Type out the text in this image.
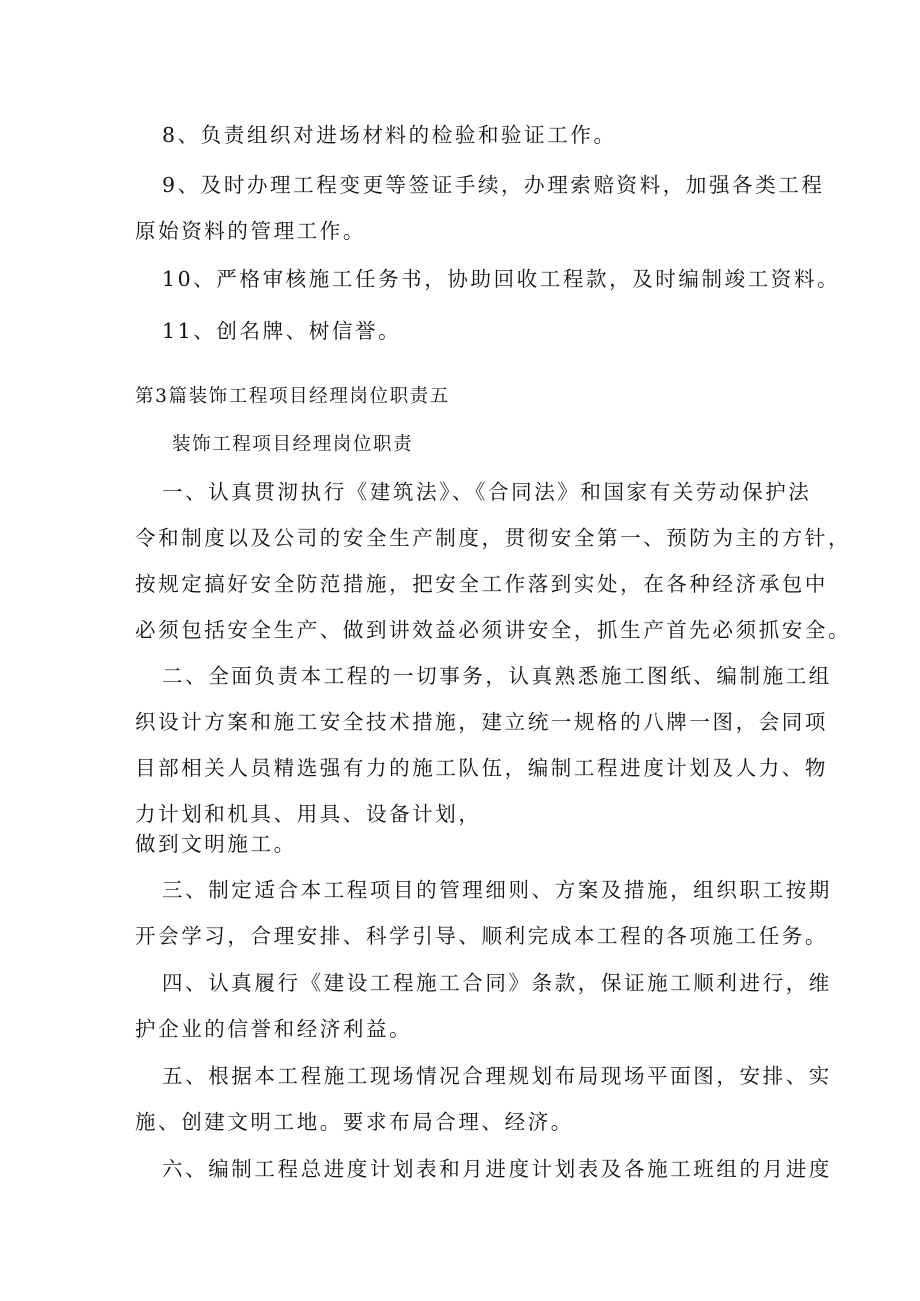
8、负责组织对进场材料的检验和验证工作。
9、及时办理工程变更等签证手续，办理索赔资料，加强各类工程
原始资料的管理工作。
10、严格审核施工任务书，协助回收工程款，及时编制竣工资料。
11、创名牌、树信誉。
第3篇装饰工程项目经理岗位职责五
装饰工程项目经理岗位职责
一、认真贯沏执行《建筑法》、《合同法》和国家有关劳动保护法
令和制度以及公司的安全生产制度，贯彻安全第一、预防为主的方针，
按规定搞好安全防范措施，把安全工作落到实处，在各种经济承包中
必须包括安全生产、做到讲效益必须讲安全，抓生产首先必须抓安全。
二、全面负责本工程的一切事务，认真熟悉施工图纸、编制施工组
织设计方案和施工安全技术措施，建立统一规格的八牌一图，会同项
目部相关人员精选强有力的施工队伍，编制工程进度计划及人力、物
力计划和机具、用具、设备计划，
做到文明施工。
三、制定适合本工程项目的管理细则、方案及措施，组织职工按期
开会学习，合理安排、科学引导、顺利完成本工程的各项施工任务。
四、认真履行《建设工程施工合同》条款，保证施工顺利进行，维
护企业的信誉和经济利益。
五、根据本工程施工现场情况合理规划布局现场平面图，安排、实
施、创建文明工地。要求布局合理、经济。
六、编制工程总进度计划表和月进度计划表及各施工班组的月进度
